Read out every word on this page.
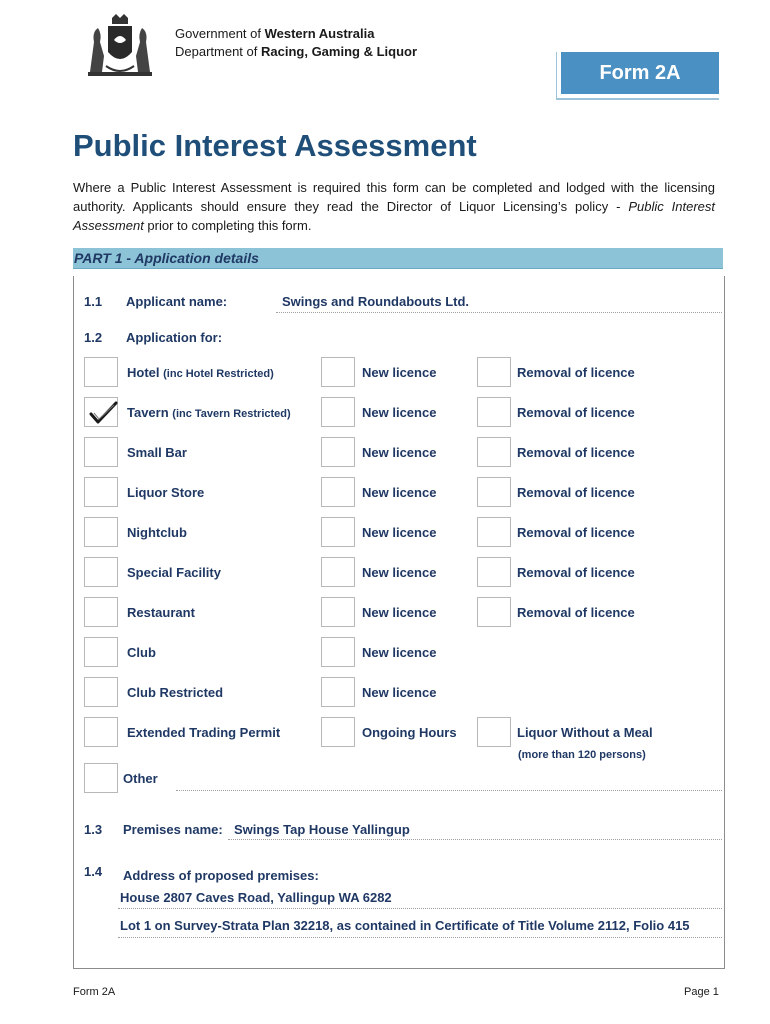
Government of Western Australia
Department of Racing, Gaming & Liquor
Form 2A
Public Interest Assessment
Where a Public Interest Assessment is required this form can be completed and lodged with the licensing authority. Applicants should ensure they read the Director of Liquor Licensing’s policy - Public Interest Assessment prior to completing this form.
PART 1 - Application details
1.1 Applicant name:	Swings and Roundabouts Ltd.
1.2 Application for:
Hotel (inc Hotel Restricted)	New licence	Removal of licence
Tavern (inc Tavern Restricted)	New licence	Removal of licence
Small Bar	New licence	Removal of licence
Liquor Store	New licence	Removal of licence
Nightclub	New licence	Removal of licence
Special Facility	New licence	Removal of licence
Restaurant	New licence	Removal of licence
Club	New licence
Club Restricted	New licence
Extended Trading Permit	Ongoing Hours	Liquor Without a Meal
(more than 120 persons)
Other
1.3 Premises name: Swings Tap House Yallingup
1.4 Address of proposed premises:
House 2807 Caves Road, Yallingup WA 6282
Lot 1 on Survey-Strata Plan 32218, as contained in Certificate of Title Volume 2112, Folio 415
Form 2A	Page 1
